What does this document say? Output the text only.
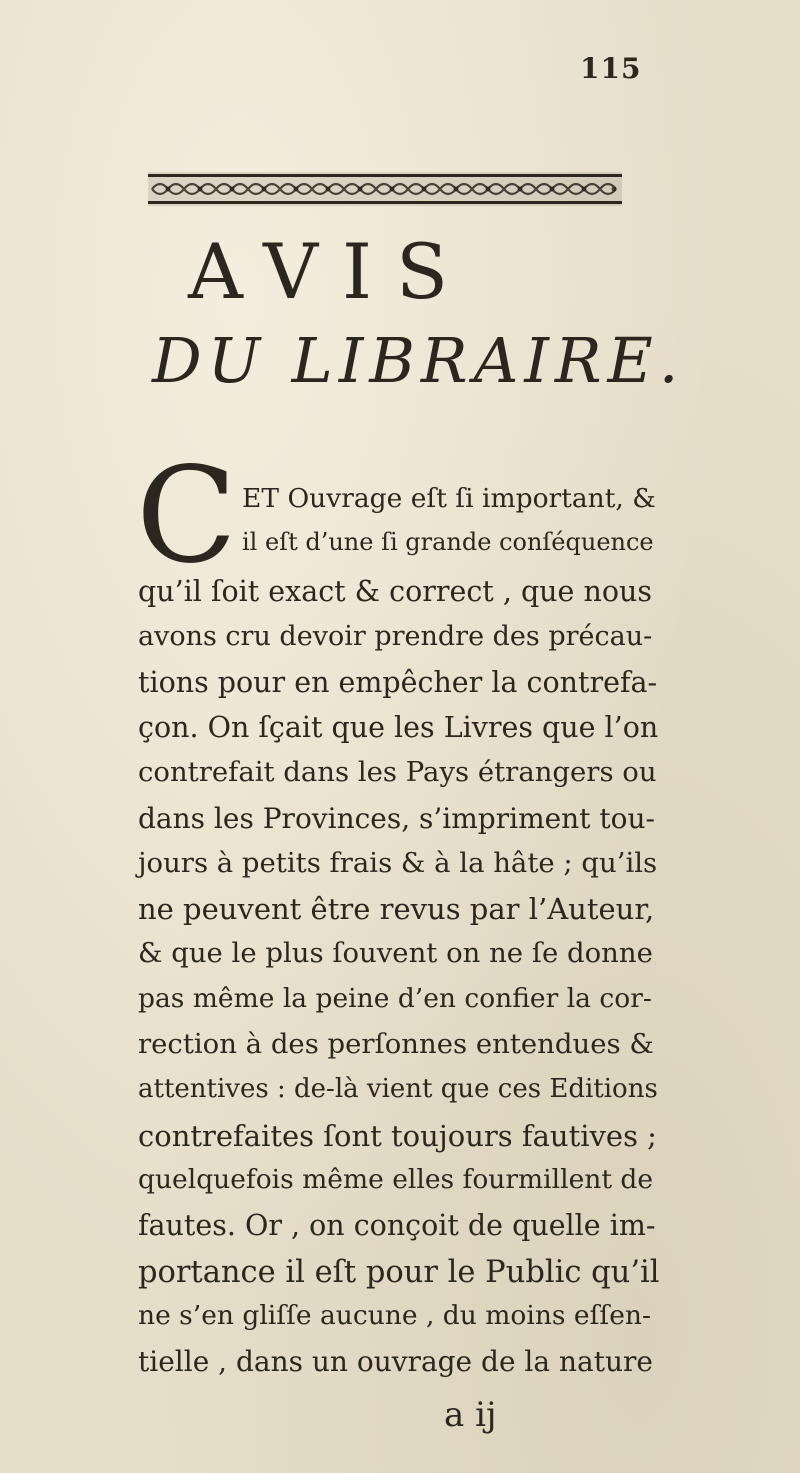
115
AVIS
DU LIBRAIRE.
C ET Ouvrage eſt ſi important, &
il eſt d’une ſi grande conſéquence
qu’il ſoit exact & correct , que nous
avons cru devoir prendre des précau-
tions pour en empêcher la contrefa-
çon. On ſçait que les Livres que l’on
contrefait dans les Pays étrangers ou
dans les Provinces, s’impriment tou-
jours à petits frais & à la hâte ; qu’ils
ne peuvent être revus par l’Auteur,
& que le plus ſouvent on ne ſe donne
pas même la peine d’en confier la cor-
rection à des perſonnes entendues &
attentives : de-là vient que ces Editions
contrefaites ſont toujours fautives ;
quelquefois même elles fourmillent de
fautes. Or , on conçoit de quelle im-
portance il eſt pour le Public qu’il
ne s’en gliſſe aucune , du moins eſſen-
tielle , dans un ouvrage de la nature
a ij
